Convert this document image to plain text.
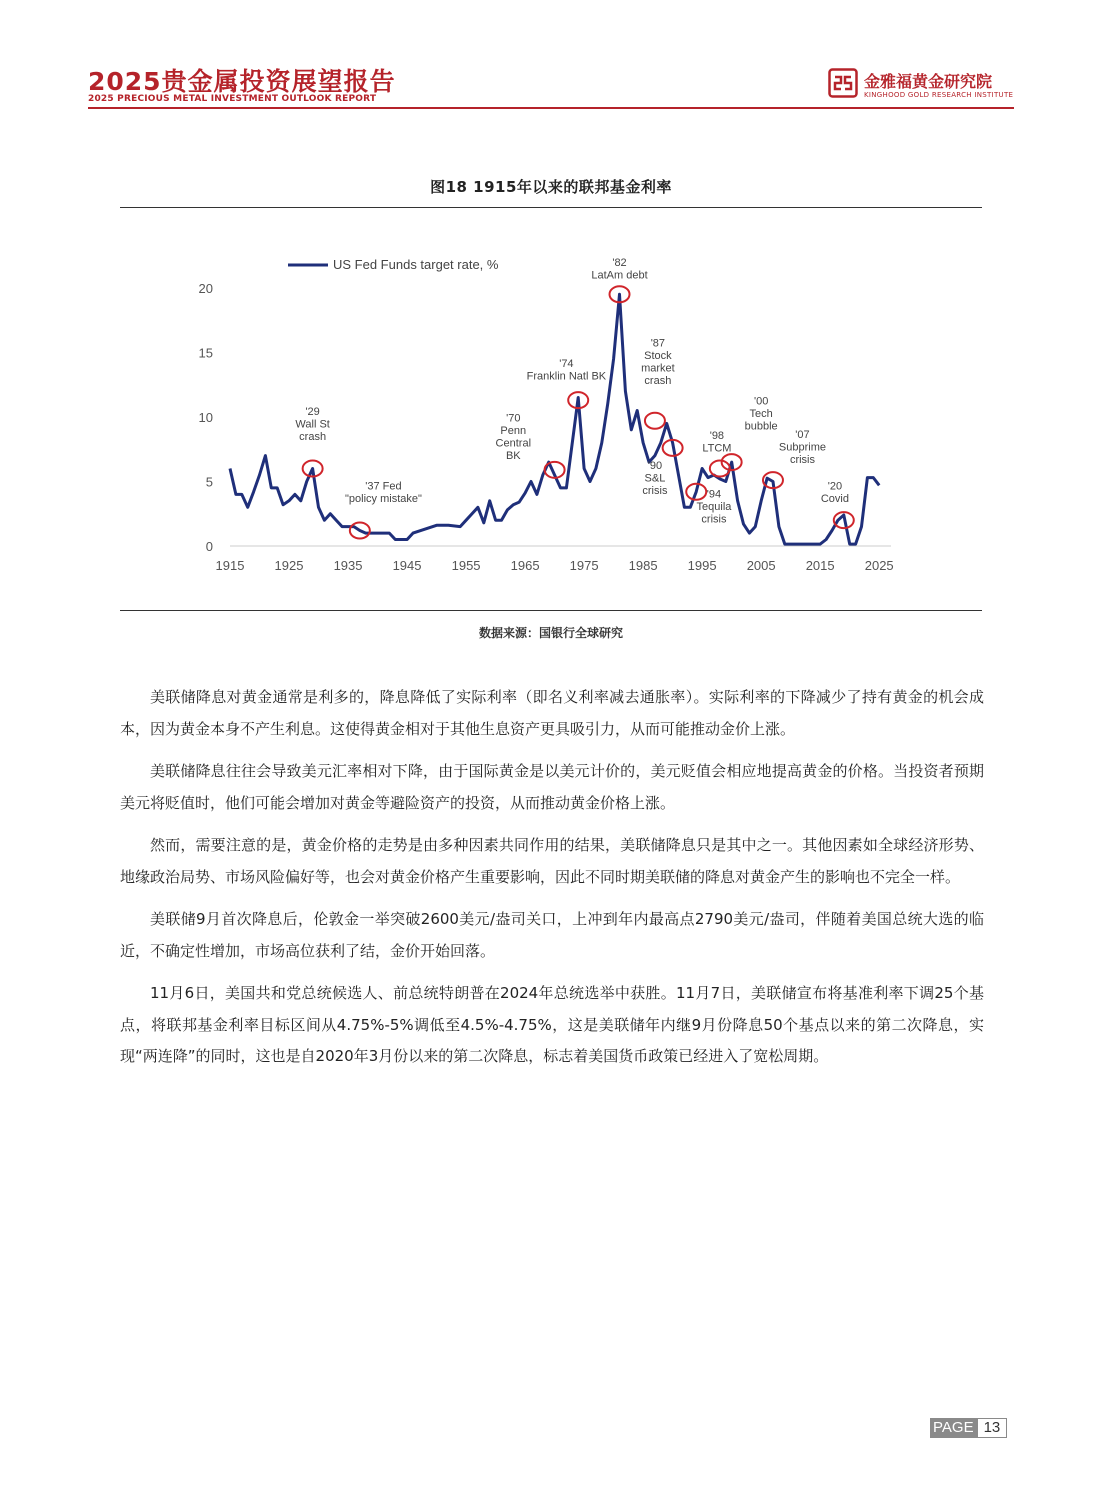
2025贵金属投资展望报告
2025 PRECIOUS METAL INVESTMENT OUTLOOK REPORT
金雅福黄金研究院
KINGHOOD GOLD RESEARCH INSTITUTE
图18 1915年以来的联邦基金利率
0
5
10
15
20
1915 1925 1935 1945 1955 1965 1975 1985 1995 2005 2015 2025
'29
Wall St
crash
'37 Fed
"policy mistake"
'70
Penn
Central
BK
'74
Franklin Natl BK
'82
LatAm debt
'87
Stock
market
crash
'90
S&L
crisis	'94
Tequila
crisis
'98
LTCM
'00
Tech
bubble
'07
Subprime
crisis
'20
Covid
US Fed Funds target rate, %
数据来源：国银行全球研究

美联储降息对黄金通常是利多的，降息降低了实际利率（即名义利率减去通胀率）。实际利率的下降减少了持有黄金的机会成本，因为黄金本身不产生利息。这使得黄金相对于其他生息资产更具吸引力，从而可能推动金价上涨。

美联储降息往往会导致美元汇率相对下降，由于国际黄金是以美元计价的，美元贬值会相应地提高黄金的价格。当投资者预期美元将贬值时，他们可能会增加对黄金等避险资产的投资，从而推动黄金价格上涨。

然而，需要注意的是，黄金价格的走势是由多种因素共同作用的结果，美联储降息只是其中之一。其他因素如全球经济形势、地缘政治局势、市场风险偏好等，也会对黄金价格产生重要影响，因此不同时期美联储的降息对黄金产生的影响也不完全一样。

美联储9月首次降息后，伦敦金一举突破2600美元/盎司关口，上冲到年内最高点2790美元/盎司，伴随着美国总统大选的临近，不确定性增加，市场高位获利了结，金价开始回落。

11月6日，美国共和党总统候选人、前总统特朗普在2024年总统选举中获胜。11月7日，美联储宣布将基准利率下调25个基点，将联邦基金利率目标区间从4.75%-5%调低至4.5%-4.75%，这是美联储年内继9月份降息50个基点以来的第二次降息，实现“两连降”的同时，这也是自2020年3月份以来的第二次降息，标志着美国货币政策已经进入了宽松周期。

PAGE 13
